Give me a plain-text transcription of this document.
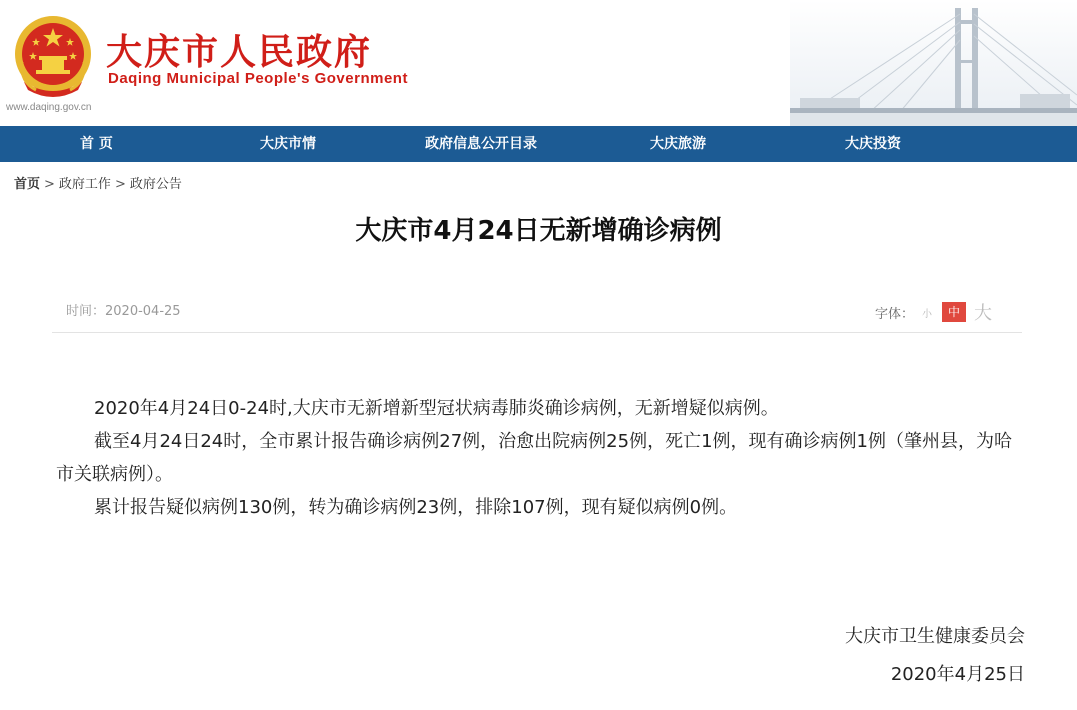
大庆市人民政府
Daqing Municipal People's Government
www.daqing.gov.cn
首 页	大庆市情	政府信息公开目录	大庆旅游	大庆投资
首页 > 政府工作 > 政府公告
大庆市4月24日无新增确诊病例
时间：2020-04-25	字体： 小	中 大

2020年4月24日0-24时,大庆市无新增新型冠状病毒肺炎确诊病例，无新增疑似病例。

截至4月24日24时，全市累计报告确诊病例27例，治愈出院病例25例，死亡1例，现有确诊病例1例（肇州县，为哈市关联病例）。

累计报告疑似病例130例，转为确诊病例23例，排除107例，现有疑似病例0例。

大庆市卫生健康委员会
2020年4月25日
